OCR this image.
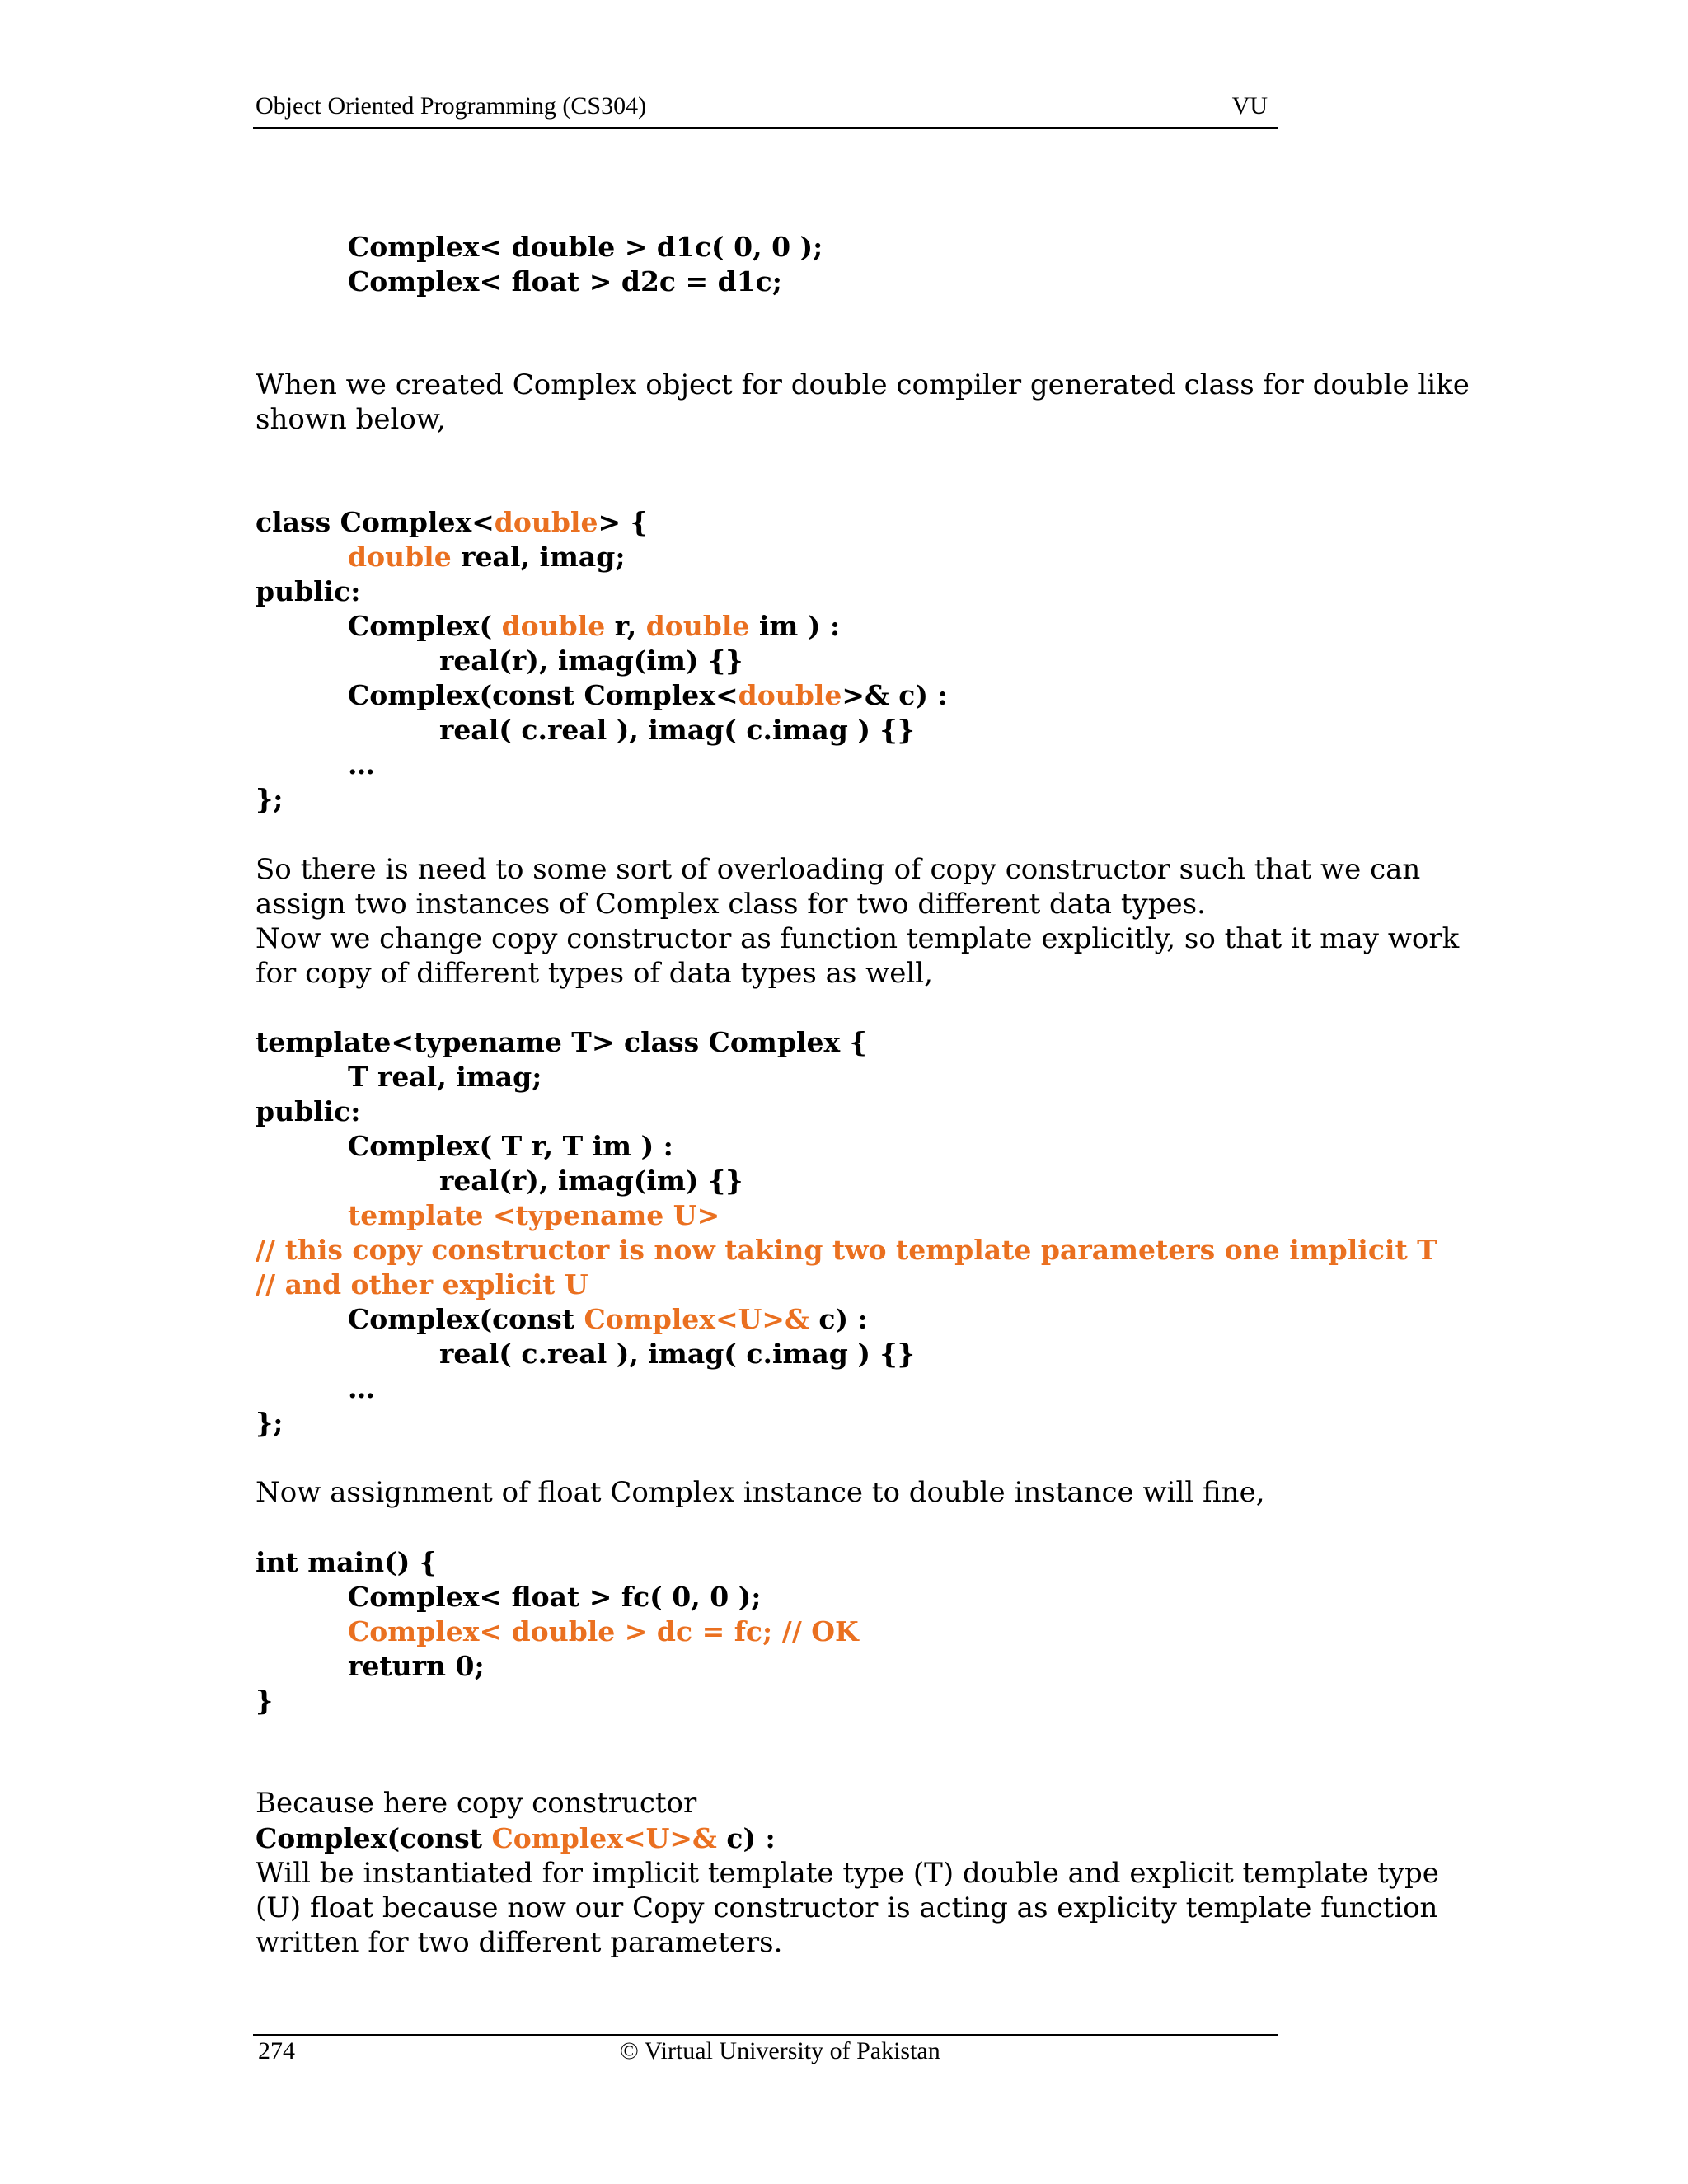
Object Oriented Programming (CS304)	VU
Complex< double > d1c( 0, 0 );
Complex< float > d2c = d1c;
When we created Complex object for double compiler generated class for double like
shown below,
class Complex<double> {
double real, imag;
public:
Complex( double r, double im ) :
real(r), imag(im) {}
Complex(const Complex<double>& c) :
real( c.real ), imag( c.imag ) {}
…
};
So there is need to some sort of overloading of copy constructor such that we can
assign two instances of Complex class for two different data types.
Now we change copy constructor as function template explicitly, so that it may work
for copy of different types of data types as well,
template<typename T> class Complex {
T real, imag;
public:
Complex( T r, T im ) :
real(r), imag(im) {}
template <typename U>
// this copy constructor is now taking two template parameters one implicit T
// and other explicit U
Complex(const Complex<U>& c) :
real( c.real ), imag( c.imag ) {}
…
};
Now assignment of float Complex instance to double instance will fine,
int main() {
Complex< float > fc( 0, 0 );
Complex< double > dc = fc; // OK
return 0;
}
Because here copy constructor
Complex(const Complex<U>& c) :
Will be instantiated for implicit template type (T) double and explicit template type
(U) float because now our Copy constructor is acting as explicity template function
written for two different parameters.
274	© Virtual University of Pakistan
